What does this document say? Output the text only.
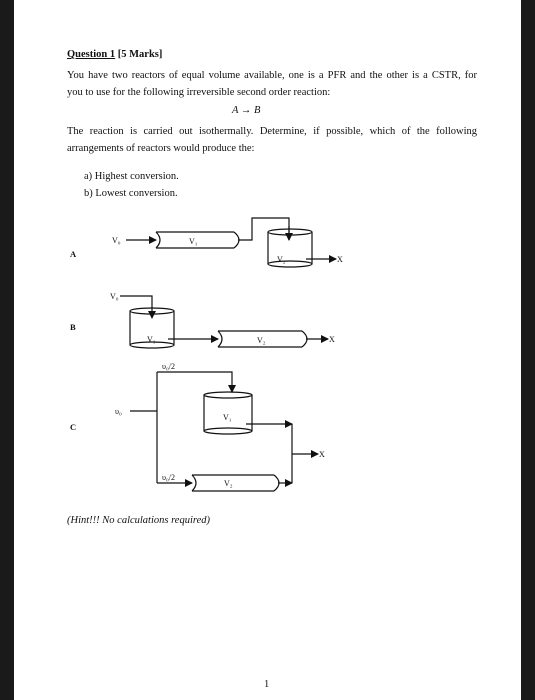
Question 1 [5 Marks]
You have two reactors of equal volume available, one is a PFR and the other is a CSTR, for
you to use for the following irreversible second order reaction:
A → B
The reaction is carried out isothermally. Determine, if possible, which of the following
arrangements of reactors would produce the:
a) Highest conversion.
b) Lowest conversion.
A
V₀	V₁
V₂	X
B
V₀
V₁	V₂	X
C
υ₀
υ₀/2
V₁
υ₀/2
V₂
X
(Hint!!! No calculations required)
1
